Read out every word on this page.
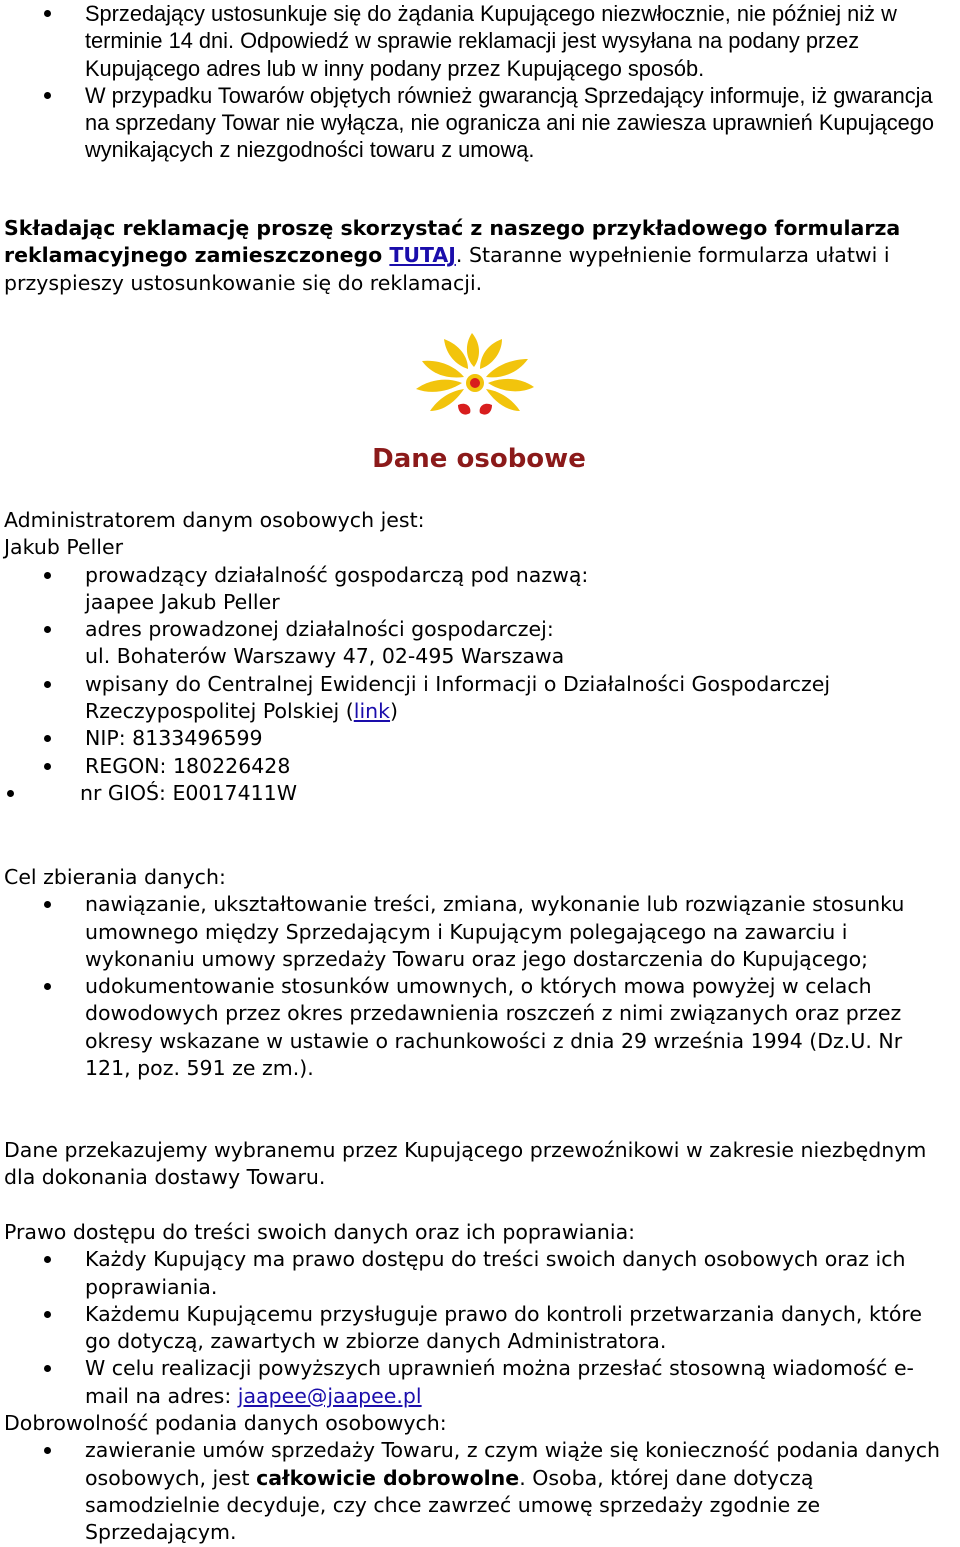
Sprzedający ustosunkuje się do żądania Kupującego niezwłocznie, nie później niż w terminie 14 dni. Odpowiedź w sprawie reklamacji jest wysyłana na podany przez Kupującego adres lub w inny podany przez Kupującego sposób.
W przypadku Towarów objętych również gwarancją Sprzedający informuje, iż gwarancja na sprzedany Towar nie wyłącza, nie ogranicza ani nie zawiesza uprawnień Kupującego wynikających z niezgodności towaru z umową.

Składając reklamację proszę skorzystać z naszego przykładowego formularza reklamacyjnego zamieszczonego TUTAJ. Staranne wypełnienie formularza ułatwi i przyspieszy ustosunkowanie się do reklamacji.

Dane osobowe

Administratorem danym osobowych jest:

Jakub Peller

prowadzący działalność gospodarczą pod nazwą:
jaapee Jakub Peller
adres prowadzonej działalności gospodarczej:
ul. Bohaterów Warszawy 47, 02-495 Warszawa
wpisany do Centralnej Ewidencji i Informacji o Działalności Gospodarczej
Rzeczypospolitej Polskiej (link)
NIP: 8133496599
REGON: 180226428
nr GIOŚ: E0017411W

Cel zbierania danych:

nawiązanie, ukształtowanie treści, zmiana, wykonanie lub rozwiązanie stosunku umownego między Sprzedającym i Kupującym polegającego na zawarciu i wykonaniu umowy sprzedaży Towaru oraz jego dostarczenia do Kupującego;
udokumentowanie stosunków umownych, o których mowa powyżej w celach dowodowych przez okres przedawnienia roszczeń z nimi związanych oraz przez okresy wskazane w ustawie o rachunkowości z dnia 29 września 1994 (Dz.U. Nr 121, poz. 591 ze zm.).

Dane przekazujemy wybranemu przez Kupującego przewoźnikowi w zakresie niezbędnym dla dokonania dostawy Towaru.

Prawo dostępu do treści swoich danych oraz ich poprawiania:

Każdy Kupujący ma prawo dostępu do treści swoich danych osobowych oraz ich poprawiania.
Każdemu Kupującemu przysługuje prawo do kontroli przetwarzania danych, które go dotyczą, zawartych w zbiorze danych Administratora.
W celu realizacji powyższych uprawnień można przesłać stosowną wiadomość e-mail na adres: jaapee@jaapee.pl

Dobrowolność podania danych osobowych:

zawieranie umów sprzedaży Towaru, z czym wiąże się konieczność podania danych osobowych, jest całkowicie dobrowolne. Osoba, której dane dotyczą samodzielnie decyduje, czy chce zawrzeć umowę sprzedaży zgodnie ze Sprzedającym.
